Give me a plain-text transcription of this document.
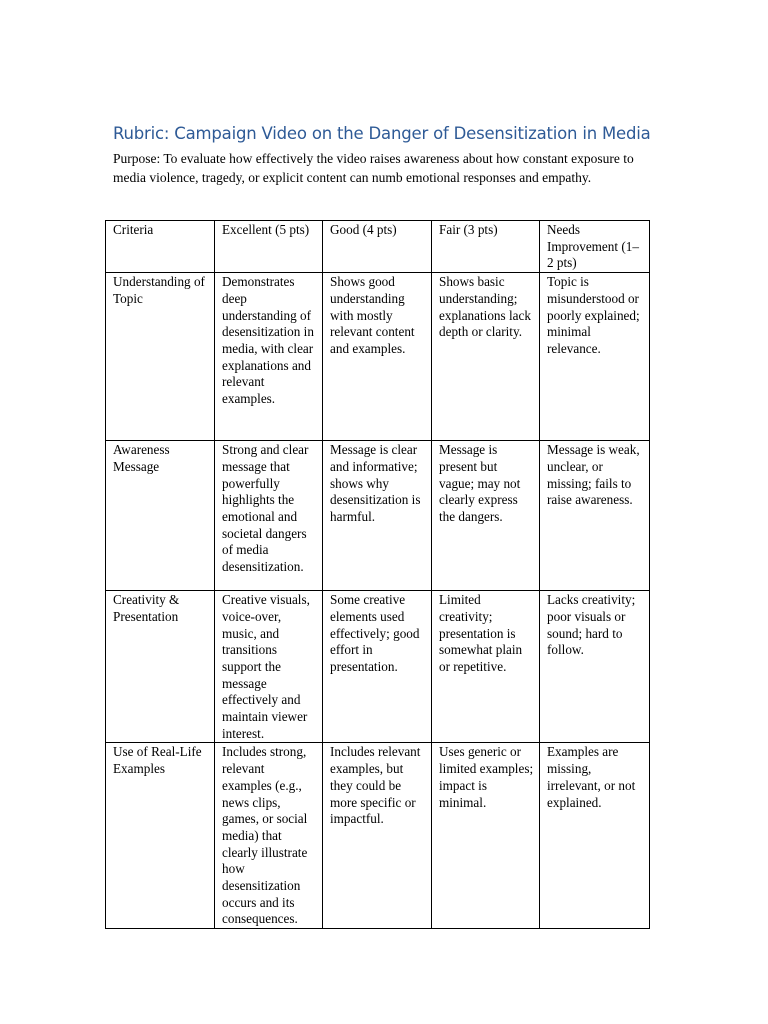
Rubric: Campaign Video on the Danger of Desensitization in Media

Purpose: To evaluate how effectively the video raises awareness about how constant exposure to media violence, tragedy, or explicit content can numb emotional responses and empathy.

Criteria	Excellent (5 pts)	Good (4 pts)	Fair (3 pts)	Needs Improvement (1–2 pts)
Understanding of Topic	Demonstrates deep understanding of desensitization in media, with clear explanations and relevant examples.	Shows good understanding with mostly relevant content and examples.	Shows basic understanding; explanations lack depth or clarity.	Topic is misunderstood or poorly explained; minimal relevance.
Awareness Message	Strong and clear message that powerfully highlights the emotional and societal dangers of media desensitization.	Message is clear and informative; shows why desensitization is harmful.	Message is present but vague; may not clearly express the dangers.	Message is weak, unclear, or missing; fails to raise awareness.
Creativity & Presentation	Creative visuals, voice-over, music, and transitions support the message effectively and maintain viewer interest.	Some creative elements used effectively; good effort in presentation.	Limited creativity; presentation is somewhat plain or repetitive.	Lacks creativity; poor visuals or sound; hard to follow.
Use of Real-Life Examples	Includes strong, relevant examples (e.g., news clips, games, or social media) that clearly illustrate how desensitization occurs and its consequences.	Includes relevant examples, but they could be more specific or impactful.	Uses generic or limited examples; impact is minimal.	Examples are missing, irrelevant, or not explained.
